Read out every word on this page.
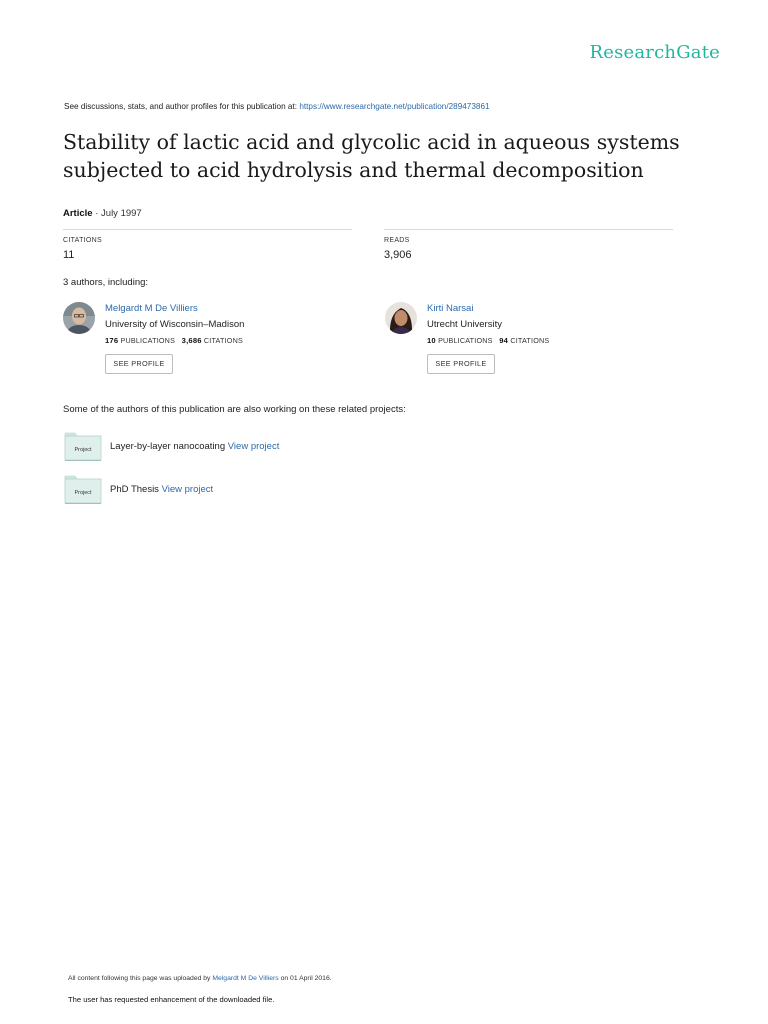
ResearchGate
See discussions, stats, and author profiles for this publication at: https://www.researchgate.net/publication/289473861
Stability of lactic acid and glycolic acid in aqueous systems subjected to acid hydrolysis and thermal decomposition
Article · July 1997
CITATIONS
11
READS
3,906
3 authors, including:
Melgardt M De Villiers
University of Wisconsin–Madison
176 PUBLICATIONS 3,686 CITATIONS
SEE PROFILE
Kirti Narsai
Utrecht University
10 PUBLICATIONS 94 CITATIONS
SEE PROFILE
Some of the authors of this publication are also working on these related projects:
Project Layer-by-layer nanocoating View project
Project PhD Thesis View project
All content following this page was uploaded by Melgardt M De Villiers on 01 April 2016.
The user has requested enhancement of the downloaded file.
